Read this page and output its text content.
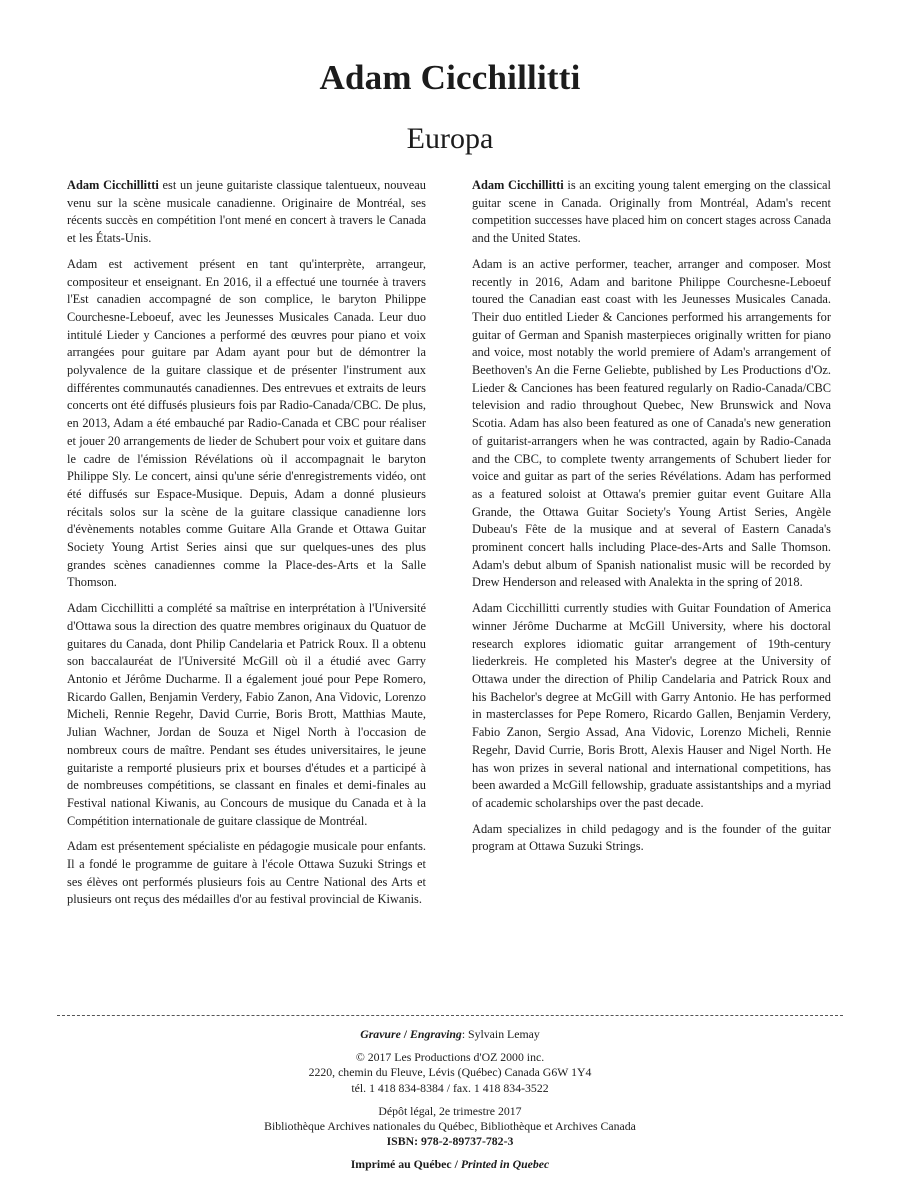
Adam Cicchillitti
Europa

Adam Cicchillitti est un jeune guitariste classique talentueux, nouveau venu sur la scène musicale canadienne. Originaire de Montréal, ses récents succès en compétition l'ont mené en concert à travers le Canada et les États-Unis.

Adam est activement présent en tant qu'interprète, arrangeur, compositeur et enseignant. En 2016, il a effectué une tournée à travers l'Est canadien accompagné de son complice, le baryton Philippe Courchesne-Leboeuf, avec les Jeunesses Musicales Canada. Leur duo intitulé Lieder y Canciones a performé des œuvres pour piano et voix arrangées pour guitare par Adam ayant pour but de démontrer la polyvalence de la guitare classique et de présenter l'instrument aux différentes communautés canadiennes. Des entrevues et extraits de leurs concerts ont été diffusés plusieurs fois par Radio-Canada/CBC. De plus, en 2013, Adam a été embauché par Radio-Canada et CBC pour réaliser et jouer 20 arrangements de lieder de Schubert pour voix et guitare dans le cadre de l'émission Révélations où il accompagnait le baryton Philippe Sly. Le concert, ainsi qu'une série d'enregistrements vidéo, ont été diffusés sur Espace-Musique. Depuis, Adam a donné plusieurs récitals solos sur la scène de la guitare classique canadienne lors d'évènements notables comme Guitare Alla Grande et Ottawa Guitar Society Young Artist Series ainsi que sur quelques-unes des plus grandes scènes canadiennes comme la Place-des-Arts et la Salle Thomson.

Adam Cicchillitti a complété sa maîtrise en interprétation à l'Université d'Ottawa sous la direction des quatre membres originaux du Quatuor de guitares du Canada, dont Philip Candelaria et Patrick Roux. Il a obtenu son baccalauréat de l'Université McGill où il a étudié avec Garry Antonio et Jérôme Ducharme. Il a également joué pour Pepe Romero, Ricardo Gallen, Benjamin Verdery, Fabio Zanon, Ana Vidovic, Lorenzo Micheli, Rennie Regehr, David Currie, Boris Brott, Matthias Maute, Julian Wachner, Jordan de Souza et Nigel North à l'occasion de nombreux cours de maître. Pendant ses études universitaires, le jeune guitariste a remporté plusieurs prix et bourses d'études et a participé à de nombreuses compétitions, se classant en finales et demi-finales au Festival national Kiwanis, au Concours de musique du Canada et à la Compétition internationale de guitare classique de Montréal.

Adam est présentement spécialiste en pédagogie musicale pour enfants. Il a fondé le programme de guitare à l'école Ottawa Suzuki Strings et ses élèves ont performés plusieurs fois au Centre National des Arts et plusieurs ont reçus des médailles d'or au festival provincial de Kiwanis.

Adam Cicchillitti is an exciting young talent emerging on the classical guitar scene in Canada. Originally from Montréal, Adam's recent competition successes have placed him on concert stages across Canada and the United States.

Adam is an active performer, teacher, arranger and composer. Most recently in 2016, Adam and baritone Philippe Courchesne-Leboeuf toured the Canadian east coast with les Jeunesses Musicales Canada. Their duo entitled Lieder & Canciones performed his arrangements for guitar of German and Spanish masterpieces originally written for piano and voice, most notably the world premiere of Adam's arrangement of Beethoven's An die Ferne Geliebte, published by Les Productions d'Oz. Lieder & Canciones has been featured regularly on Radio-Canada/CBC television and radio throughout Quebec, New Brunswick and Nova Scotia. Adam has also been featured as one of Canada's new generation of guitarist-arrangers when he was contracted, again by Radio-Canada and the CBC, to complete twenty arrangements of Schubert lieder for voice and guitar as part of the series Révélations. Adam has performed as a featured soloist at Ottawa's premier guitar event Guitare Alla Grande, the Ottawa Guitar Society's Young Artist Series, Angèle Dubeau's Fête de la musique and at several of Eastern Canada's prominent concert halls including Place-des-Arts and Salle Thomson. Adam's debut album of Spanish nationalist music will be recorded by Drew Henderson and released with Analekta in the spring of 2018.

Adam Cicchillitti currently studies with Guitar Foundation of America winner Jérôme Ducharme at McGill University, where his doctoral research explores idiomatic guitar arrangement of 19th-century liederkreis. He completed his Master's degree at the University of Ottawa under the direction of Philip Candelaria and Patrick Roux and his Bachelor's degree at McGill with Garry Antonio. He has performed in masterclasses for Pepe Romero, Ricardo Gallen, Benjamin Verdery, Fabio Zanon, Sergio Assad, Ana Vidovic, Lorenzo Micheli, Rennie Regehr, David Currie, Boris Brott, Alexis Hauser and Nigel North. He has won prizes in several national and international competitions, has been awarded a McGill fellowship, graduate assistantships and a myriad of academic scholarships over the past decade.

Adam specializes in child pedagogy and is the founder of the guitar program at Ottawa Suzuki Strings.

Gravure / Engraving: Sylvain Lemay
© 2017 Les Productions d'OZ 2000 inc.
2220, chemin du Fleuve, Lévis (Québec) Canada G6W 1Y4
tél. 1 418 834-8384 / fax. 1 418 834-3522
Dépôt légal, 2e trimestre 2017
Bibliothèque Archives nationales du Québec, Bibliothèque et Archives Canada
ISBN: 978-2-89737-782-3
Imprimé au Québec / Printed in Quebec
